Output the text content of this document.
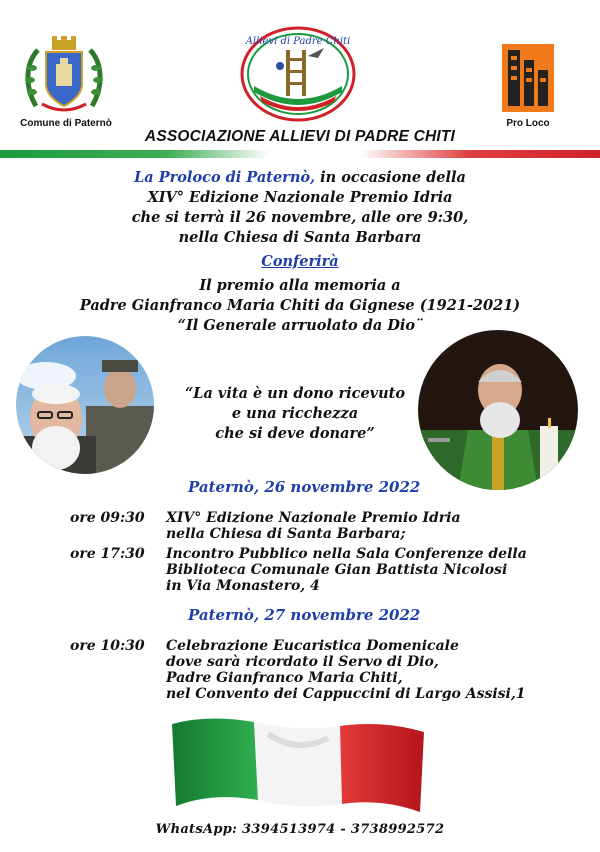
Comune di Paternò
Allievi di Padre Chiti
Pro Loco
ASSOCIAZIONE ALLIEVI DI PADRE CHITI
La Proloco di Paternò, in occasione della
XIV° Edizione Nazionale Premio Idria
che si terrà il 26 novembre, alle ore 9:30,
nella Chiesa di Santa Barbara
Conferirà
Il premio alla memoria a
Padre Gianfranco Maria Chiti da Gignese (1921-2021)
“Il Generale arruolato da Dio¨
“La vita è un dono ricevuto
e una ricchezza
che si deve donare”
Paternò, 26 novembre 2022
ore 09:30	XIV° Edizione Nazionale Premio Idria
nella Chiesa di Santa Barbara;
ore 17:30	Incontro Pubblico nella Sala Conferenze della
Biblioteca Comunale Gian Battista Nicolosi
in Via Monastero, 4
Paternò, 27 novembre 2022
ore 10:30	Celebrazione Eucaristica Domenicale
dove sarà ricordato il Servo di Dio,
Padre Gianfranco Maria Chiti,
nel Convento dei Cappuccini di Largo Assisi,1
WhatsApp: 3394513974 - 3738992572
